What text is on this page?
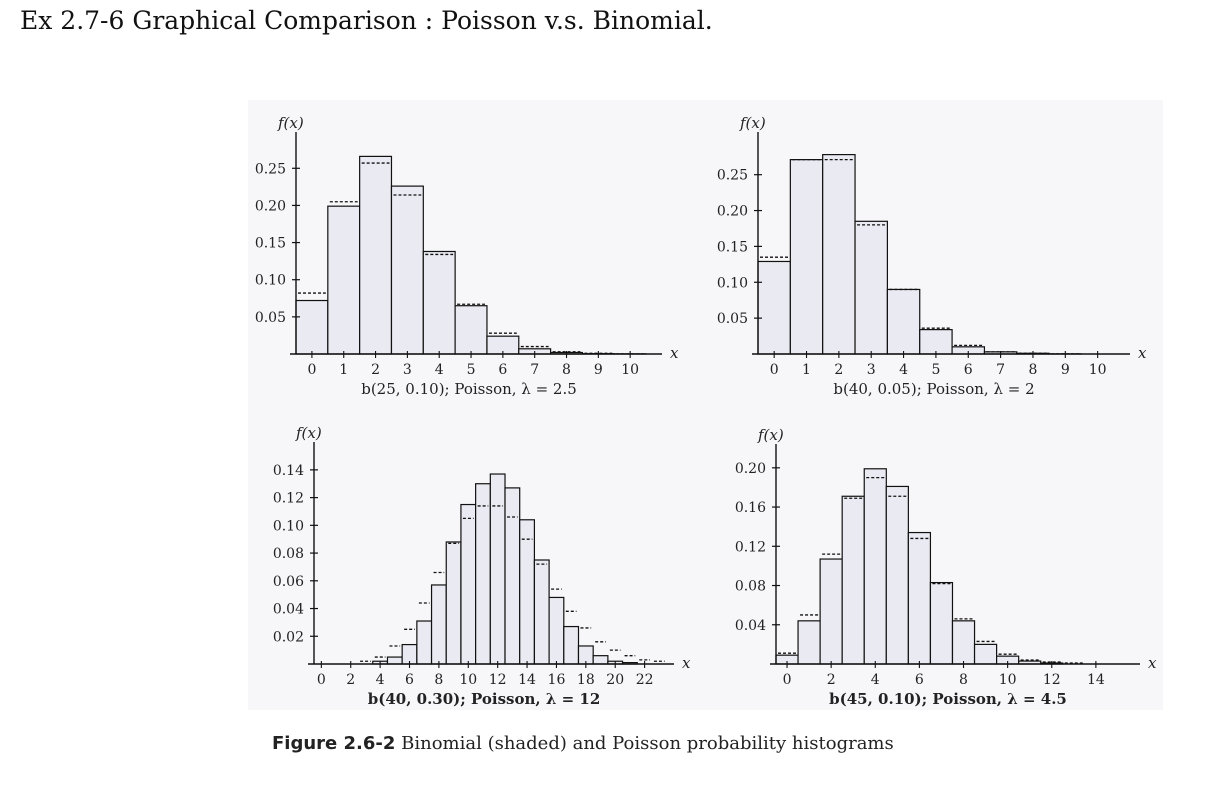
Ex 2.7-6 Graphical Comparison : Poisson v.s. Binomial.
0.05
0.10
0.15
0.20
0.25
0 1 2 3 4 5 6 7 8 9 10
f(x)
x
b(25, 0.10); Poisson, λ = 2.5
0.05
0.10
0.15
0.20
0.25
0 1 2 3 4 5 6 7 8 9 10
f(x)
x
b(40, 0.05); Poisson, λ = 2
0.02
0.04
0.06
0.08
0.10
0.12
0.14
0 2 4 6 8 10 12 14 16 18 20 22
f(x)
x
b(40, 0.30); Poisson, λ = 12
0.04
0.08
0.12
0.16
0.20
0	2	4	6	8 10 12 14
f(x)
x
b(45, 0.10); Poisson, λ = 4.5
Figure 2.6-2 Binomial (shaded) and Poisson probability histograms
